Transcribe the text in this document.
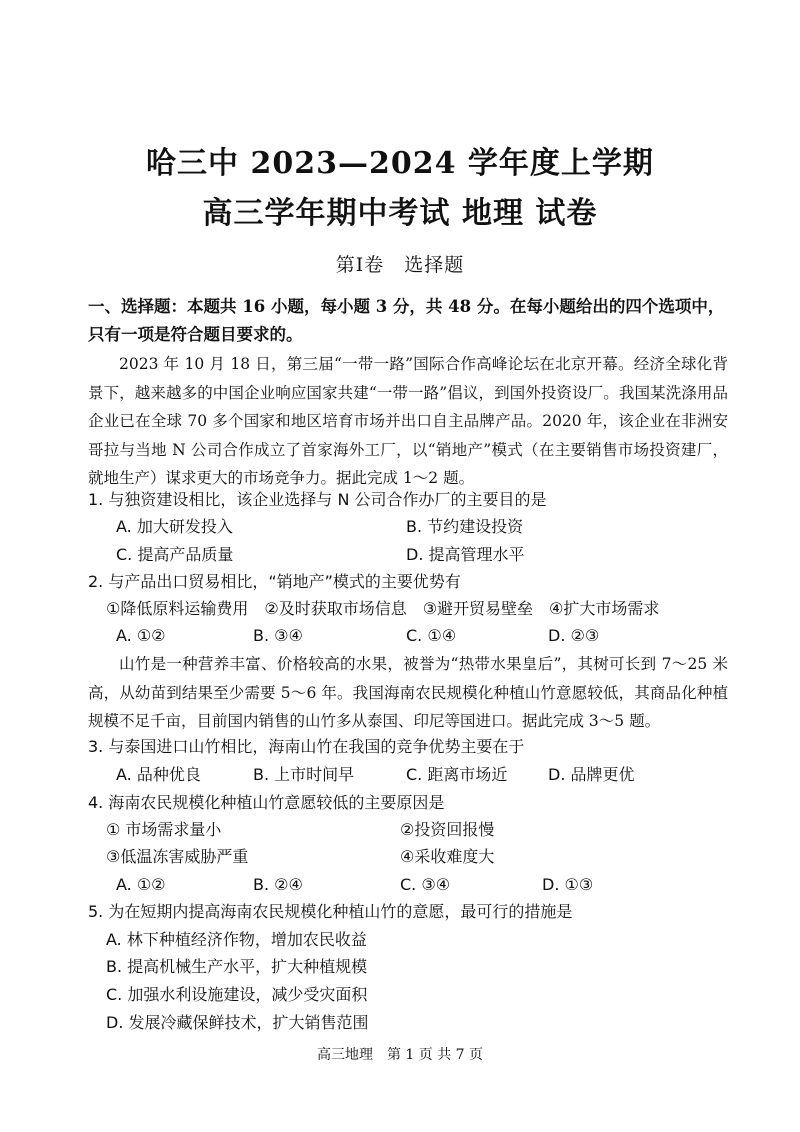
哈三中 2023—2024 学年度上学期
高三学年期中考试 地理 试卷
第Ⅰ卷　选择题
一、选择题：本题共 16 小题，每小题 3 分，共 48 分。在每小题给出的四个选项中，只有一项是符合题目要求的。
2023 年 10 月 18 日，第三届“一带一路”国际合作高峰论坛在北京开幕。经济全球化背景下，越来越多的中国企业响应国家共建“一带一路”倡议，到国外投资设厂。我国某洗涤用品企业已在全球 70 多个国家和地区培育市场并出口自主品牌产品。2020 年，该企业在非洲安哥拉与当地 N 公司合作成立了首家海外工厂，以“销地产”模式（在主要销售市场投资建厂，就地生产）谋求更大的市场竞争力。据此完成 1～2 题。
1. 与独资建设相比，该企业选择与 N 公司合作办厂的主要目的是
A. 加大研发投入	B. 节约建设投资
C. 提高产品质量	D. 提高管理水平
2. 与产品出口贸易相比，“销地产”模式的主要优势有
①降低原料运输费用　②及时获取市场信息　③避开贸易壁垒　④扩大市场需求
A. ①②	B. ③④	C. ①④	D. ②③
山竹是一种营养丰富、价格较高的水果，被誉为“热带水果皇后”，其树可长到 7～25 米高，从幼苗到结果至少需要 5～6 年。我国海南农民规模化种植山竹意愿较低，其商品化种植规模不足千亩，目前国内销售的山竹多从泰国、印尼等国进口。据此完成 3～5 题。
3. 与泰国进口山竹相比，海南山竹在我国的竞争优势主要在于
A. 品种优良	B. 上市时间早	C. 距离市场近	D. 品牌更优
4. 海南农民规模化种植山竹意愿较低的主要原因是
① 市场需求量小	②投资回报慢
③低温冻害威胁严重	④采收难度大
A. ①②	B. ②④	C. ③④	D. ①③
5. 为在短期内提高海南农民规模化种植山竹的意愿，最可行的措施是
A. 林下种植经济作物，增加农民收益
B. 提高机械生产水平，扩大种植规模
C. 加强水利设施建设，减少受灾面积
D. 发展冷藏保鲜技术，扩大销售范围
高三地理　第 1 页 共 7 页
